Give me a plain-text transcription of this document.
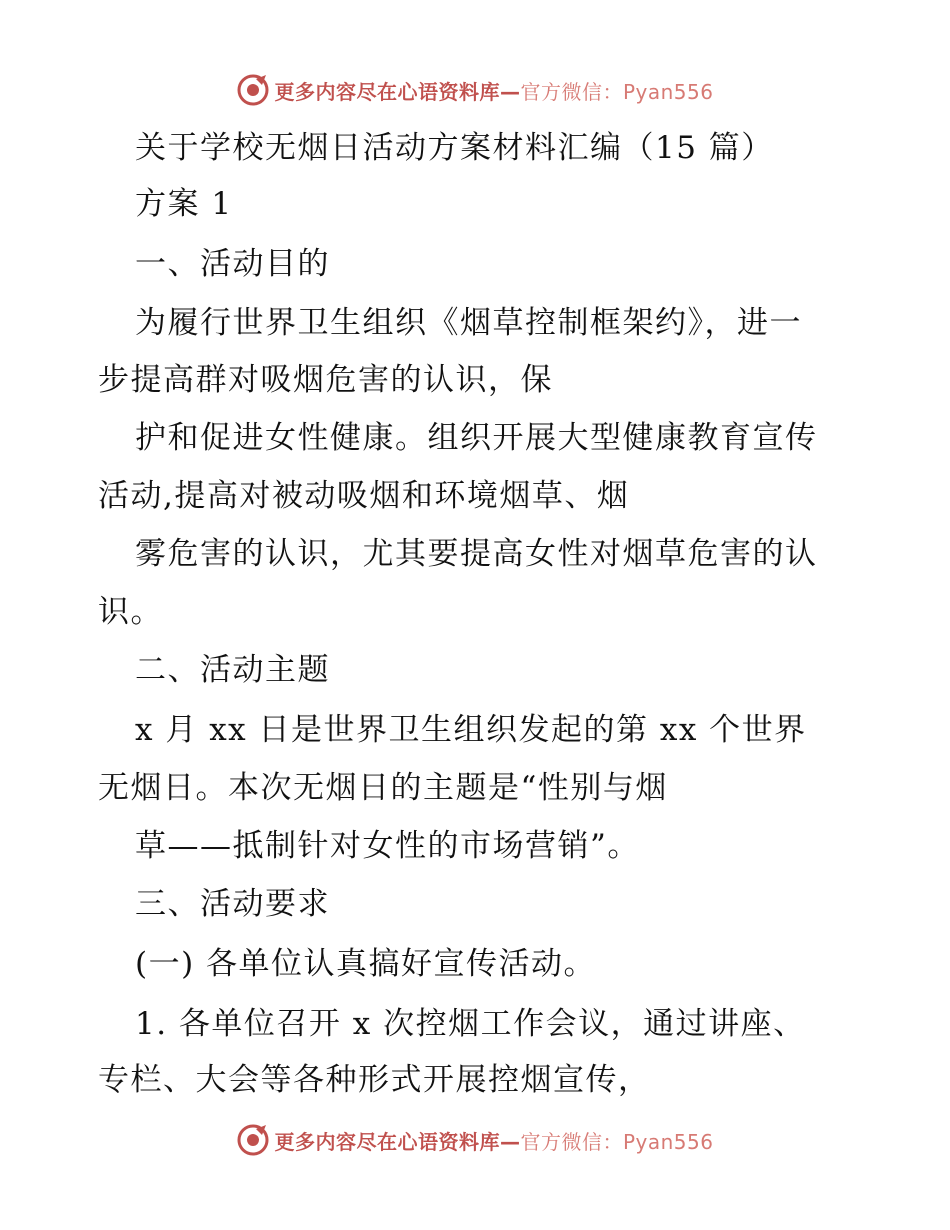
更多内容尽在心语资料库—官方微信：Pyan556
关于学校无烟日活动方案材料汇编（15 篇）
方案 1
一、活动目的
为履行世界卫生组织《烟草控制框架约》，进一
步提高群对吸烟危害的认识，保
护和促进女性健康。组织开展大型健康教育宣传
活动,提高对被动吸烟和环境烟草、烟
雾危害的认识，尤其要提高女性对烟草危害的认
识。
二、活动主题
x 月 xx 日是世界卫生组织发起的第 xx 个世界
无烟日。本次无烟日的主题是“性别与烟
草——抵制针对女性的市场营销”。
三、活动要求
(一) 各单位认真搞好宣传活动。
1. 各单位召开 x 次控烟工作会议，通过讲座、
专栏、大会等各种形式开展控烟宣传，
更多内容尽在心语资料库—官方微信：Pyan556
